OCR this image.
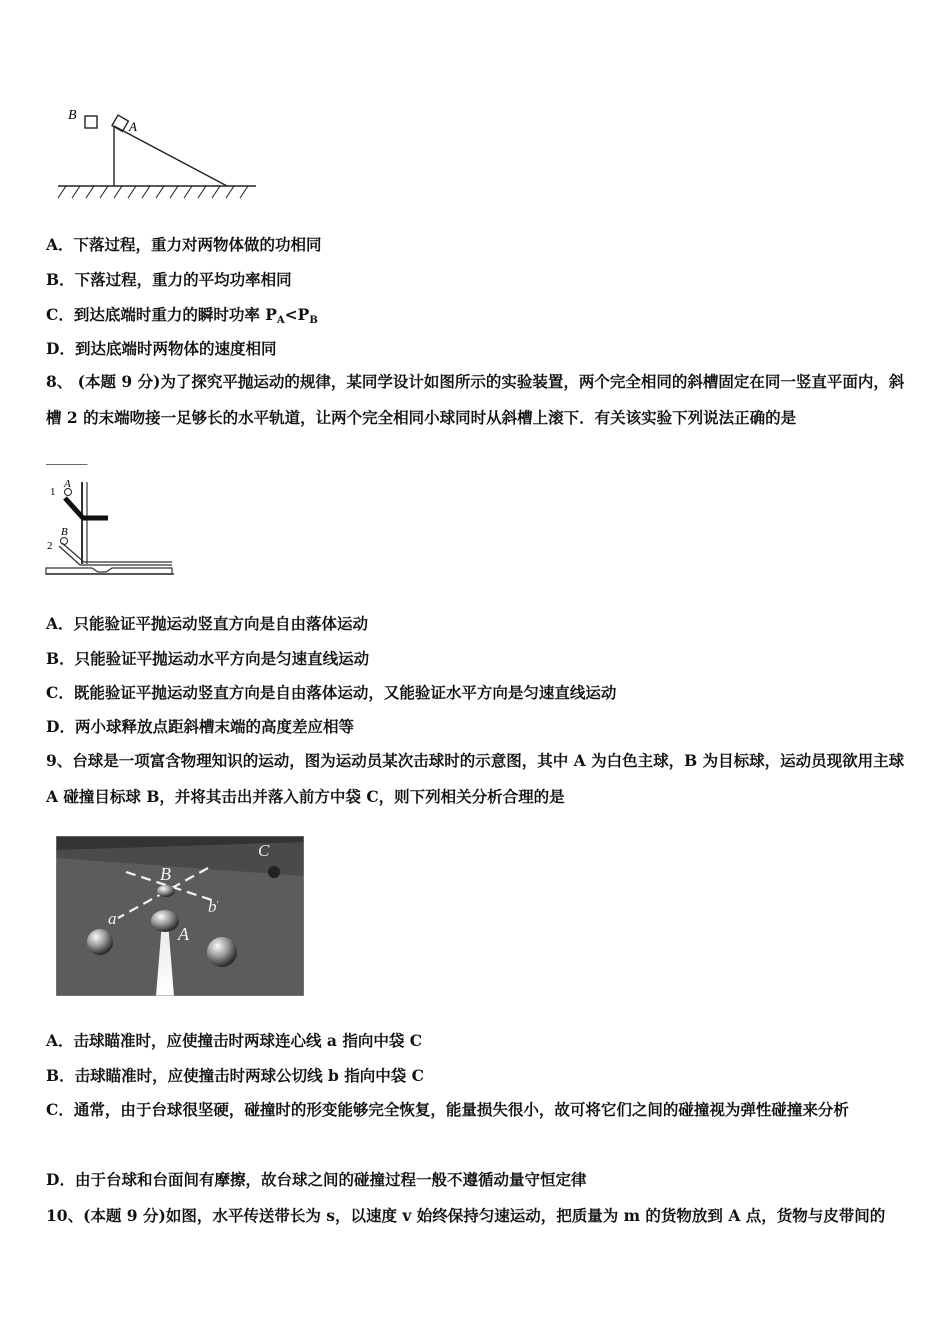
B
A
A．下落过程，重力对两物体做的功相同
B．下落过程，重力的平均功率相同
C．到达底端时重力的瞬时功率 $P_A<P_B$
D．到达底端时两物体的速度相同
8、 (本题 9 分)为了探究平抛运动的规律，某同学设计如图所示的实验装置，两个完全相同的斜槽固定在同一竖直平面内，斜槽 2 的末端吻接一足够长的水平轨道，让两个完全相同小球同时从斜槽上滚下．有关该实验下列说法正确的是
______
1
A
2
B
A．只能验证平抛运动竖直方向是自由落体运动
B．只能验证平抛运动水平方向是匀速直线运动
C．既能验证平抛运动竖直方向是自由落体运动，又能验证水平方向是匀速直线运动
D．两小球释放点距斜槽末端的高度差应相等
9、台球是一项富含物理知识的运动，图为运动员某次击球时的示意图，其中 A 为白色主球，B 为目标球，运动员现欲用主球 A 碰撞目标球 B，并将其击出并落入前方中袋 C，则下列相关分析合理的是
C
B
A
a
b
A．击球瞄准时，应使撞击时两球连心线 a 指向中袋 C
B．击球瞄准时，应使撞击时两球公切线 b 指向中袋 C
C．通常，由于台球很坚硬，碰撞时的形变能够完全恢复，能量损失很小，故可将它们之间的碰撞视为弹性碰撞来分析
D．由于台球和台面间有摩擦，故台球之间的碰撞过程一般不遵循动量守恒定律
10、(本题 9 分)如图，水平传送带长为 s，以速度 v 始终保持匀速运动，把质量为 m 的货物放到 A 点，货物与皮带间的
